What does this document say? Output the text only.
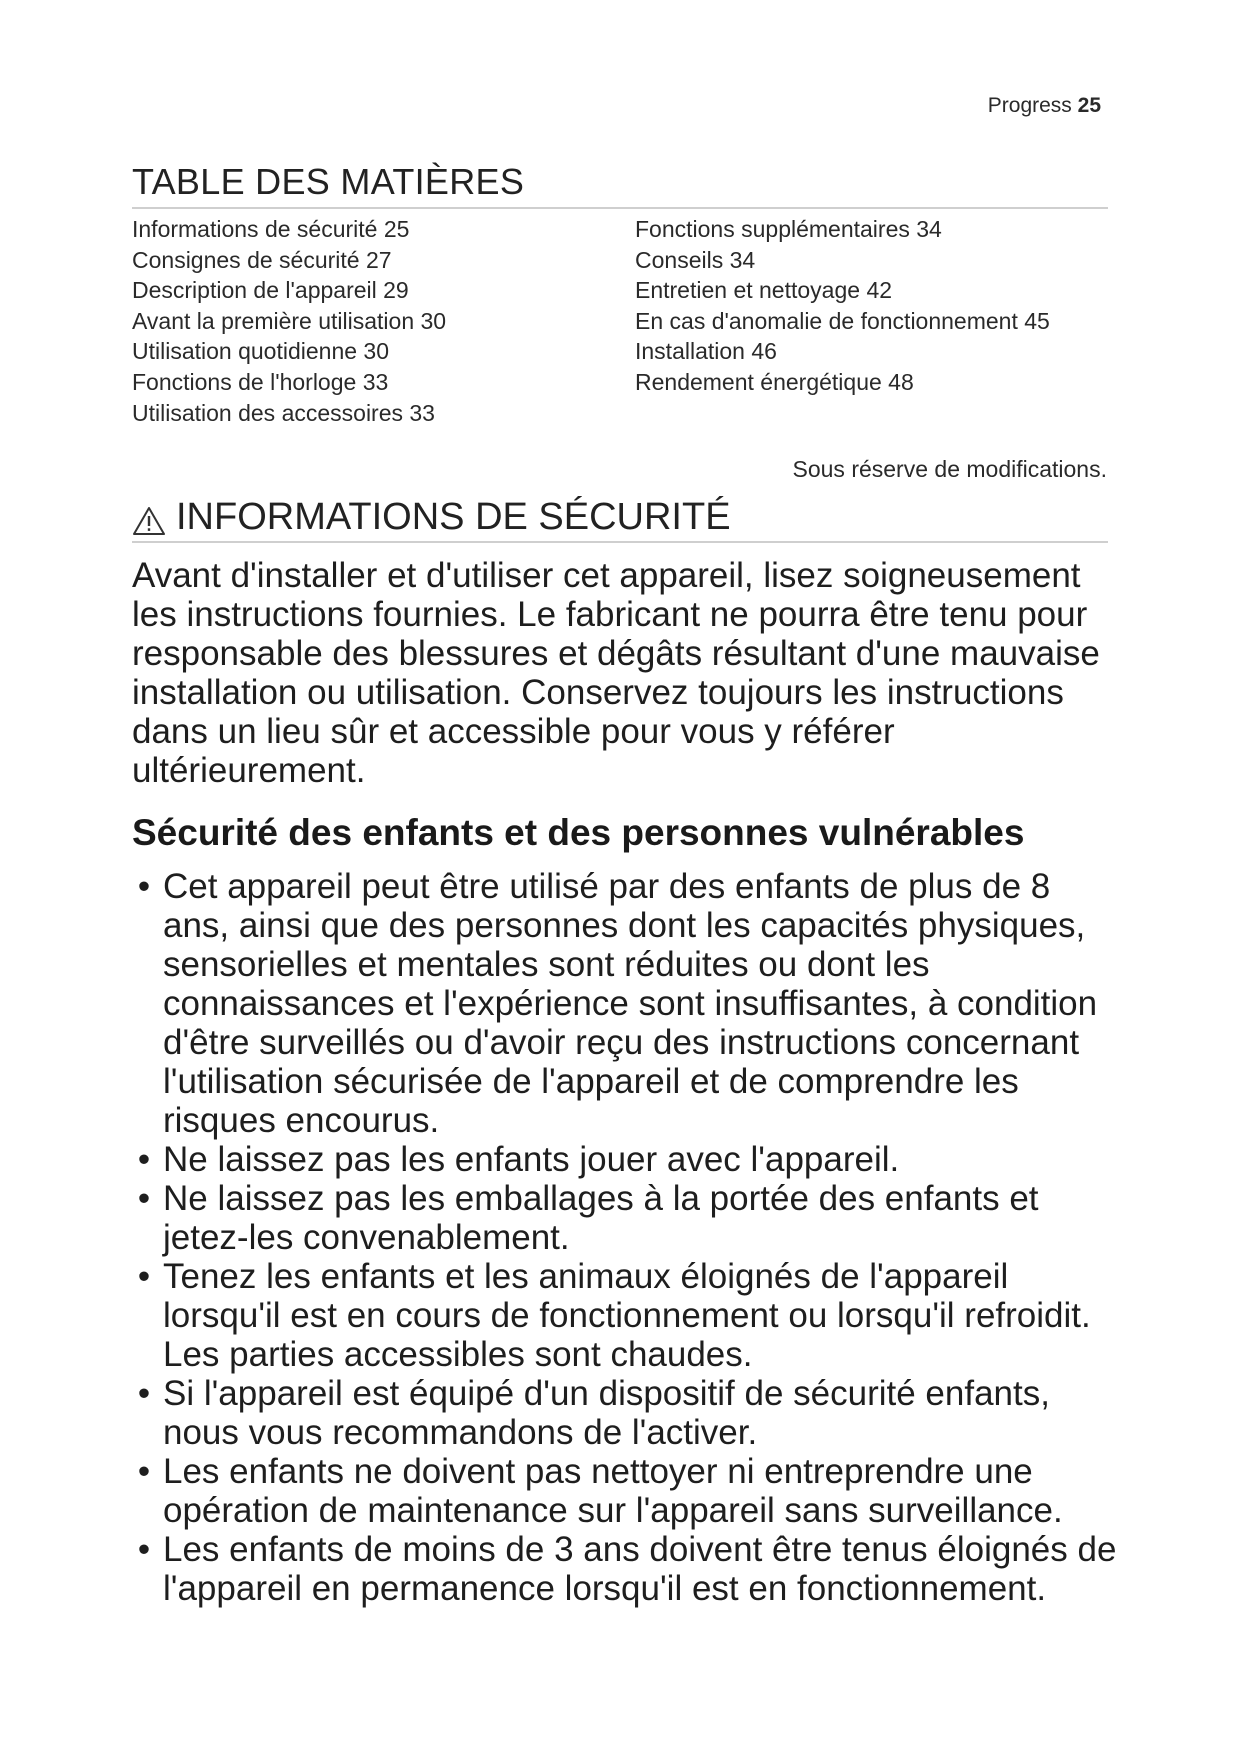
Progress 25
TABLE DES MATIÈRES
Informations de sécurité 25
Consignes de sécurité 27
Description de l'appareil 29
Avant la première utilisation 30
Utilisation quotidienne 30
Fonctions de l'horloge 33
Utilisation des accessoires 33
Fonctions supplémentaires 34
Conseils 34
Entretien et nettoyage 42
En cas d'anomalie de fonctionnement 45
Installation 46
Rendement énergétique 48
Sous réserve de modifications.
INFORMATIONS DE SÉCURITÉ
Avant d'installer et d'utiliser cet appareil, lisez soigneusement les instructions fournies. Le fabricant ne pourra être tenu pour responsable des blessures et dégâts résultant d'une mauvaise installation ou utilisation. Conservez toujours les instructions dans un lieu sûr et accessible pour vous y référer ultérieurement.
Sécurité des enfants et des personnes vulnérables
• Cet appareil peut être utilisé par des enfants de plus de 8 ans, ainsi que des personnes dont les capacités physiques, sensorielles et mentales sont réduites ou dont les connaissances et l'expérience sont insuffisantes, à condition d'être surveillés ou d'avoir reçu des instructions concernant l'utilisation sécurisée de l'appareil et de comprendre les risques encourus.
• Ne laissez pas les enfants jouer avec l'appareil.
• Ne laissez pas les emballages à la portée des enfants et jetez-les convenablement.
• Tenez les enfants et les animaux éloignés de l'appareil lorsqu'il est en cours de fonctionnement ou lorsqu'il refroidit. Les parties accessibles sont chaudes.
• Si l'appareil est équipé d'un dispositif de sécurité enfants, nous vous recommandons de l'activer.
• Les enfants ne doivent pas nettoyer ni entreprendre une opération de maintenance sur l'appareil sans surveillance.
• Les enfants de moins de 3 ans doivent être tenus éloignés de l'appareil en permanence lorsqu'il est en fonctionnement.
